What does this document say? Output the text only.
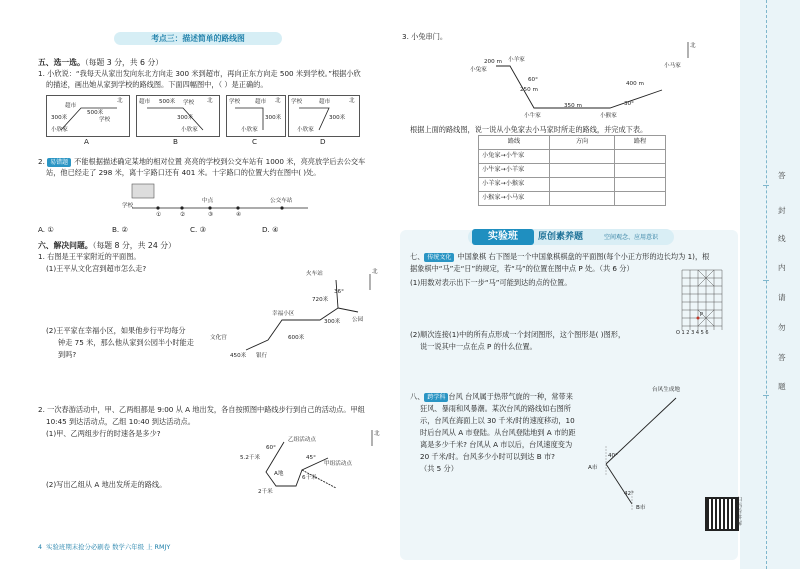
答
封
线
内
请
勿
答
题
考点三：描述简单的路线图
五、选一选。（每题 3 分，共 6 分）
1. 小欣说：“我每天从家出发向东北方向走 300 米到超市，再向正东方向走 500 米到学校。”根据小欣
的描述，画出她从家到学校的路线图。下面四幅图中，（ ）是正确的。
超市
500米
300米	学校
小欣家
北	超市 500米 学校
300米
小欣家
北	学校	超市
300米
小欣家
北 学校	超市
300米
小欣家
北
A	B	C	D
2. 易错题 不能根据描述确定某地的相对位置 亮亮的学校到公交车站有 1000 米，亮亮放学后去公交车
站，他已经走了 298 米，离十字路口还有 401 米。十字路口的位置大约在图中( )处。
学校
中点	公交车站
①	②	③	④
A. ①	B. ②	C. ③	D. ④
六、解决问题。（每题 8 分，共 24 分）
1. 右图是王平家附近的平面图。
(1)王平从文化宫到超市怎么走?
(2)王平家在幸福小区，如果他步行平均每分
钟走 75 米，那么他从家到公园半小时能走
到吗?
火车站
720米
36°
北
幸福小区
300米 公园
文化宫	600米
450米 银行
2. 一次春游活动中，甲、乙两组都是 9:00 从 A 地出发，各自按照图中路线步行到自己的活动点。甲组
10:45 到达活动点，乙组 10:40 到达活动点。
(1)甲、乙两组步行的时速各是多少?
(2)写出乙组从 A 地出发所走的路线。
乙组活动点
60°
5.2千米
甲组活动点
45°
A地
6千米
2千米
北
3. 小兔串门。
北
小兔家
小羊家
小马家
200 m
60°
250 m
350 m	30°
400 m
小牛家	小猴家
根据上面的路线图，说一说从小兔家去小马家时所走的路线，并完成下表。
路线	方向	路程
小兔家→小牛家		
小牛家→小羊家		
小羊家→小猴家		
小猴家→小马家		
实验班	原创素养题	空间观念、应用意识
七、 传统文化 中国象棋 右下图是一个中国象棋棋盘的平面图(每个小正方形的边长均为 1)，根
据象棋中“马”走“日”的规定，若“马”的位置在图中点 P 处。（共 6 分）
(1)用数对表示出下一步“马”可能到达的点的位置。
(2)顺次连接(1)中的所有点形成一个封闭图形，这个图形是( )图形，
说一说其中一点在点 P 的什么位置。
P
O 1 2 3 4 5 6
八、 跨学科 台风 台风属于热带气旋的一种，常带来
狂风、暴雨和风暴潮。某次台风的路线如右图所
示，台风在海面上以 30 千米/时的速度移动，10
时后台风从 A 市登陆。从台风登陆地到 A 市的距
离是多少千米? 台风从 A 市以后，台风速度变为
20 千米/时。台风多少小时可以到达 B 市?
（共 5 分）
台风生成地
40°
A市
42°
B市
扫码看讲解
4 实验班期末抢分必刷卷 数学六年级 上 RMJY
